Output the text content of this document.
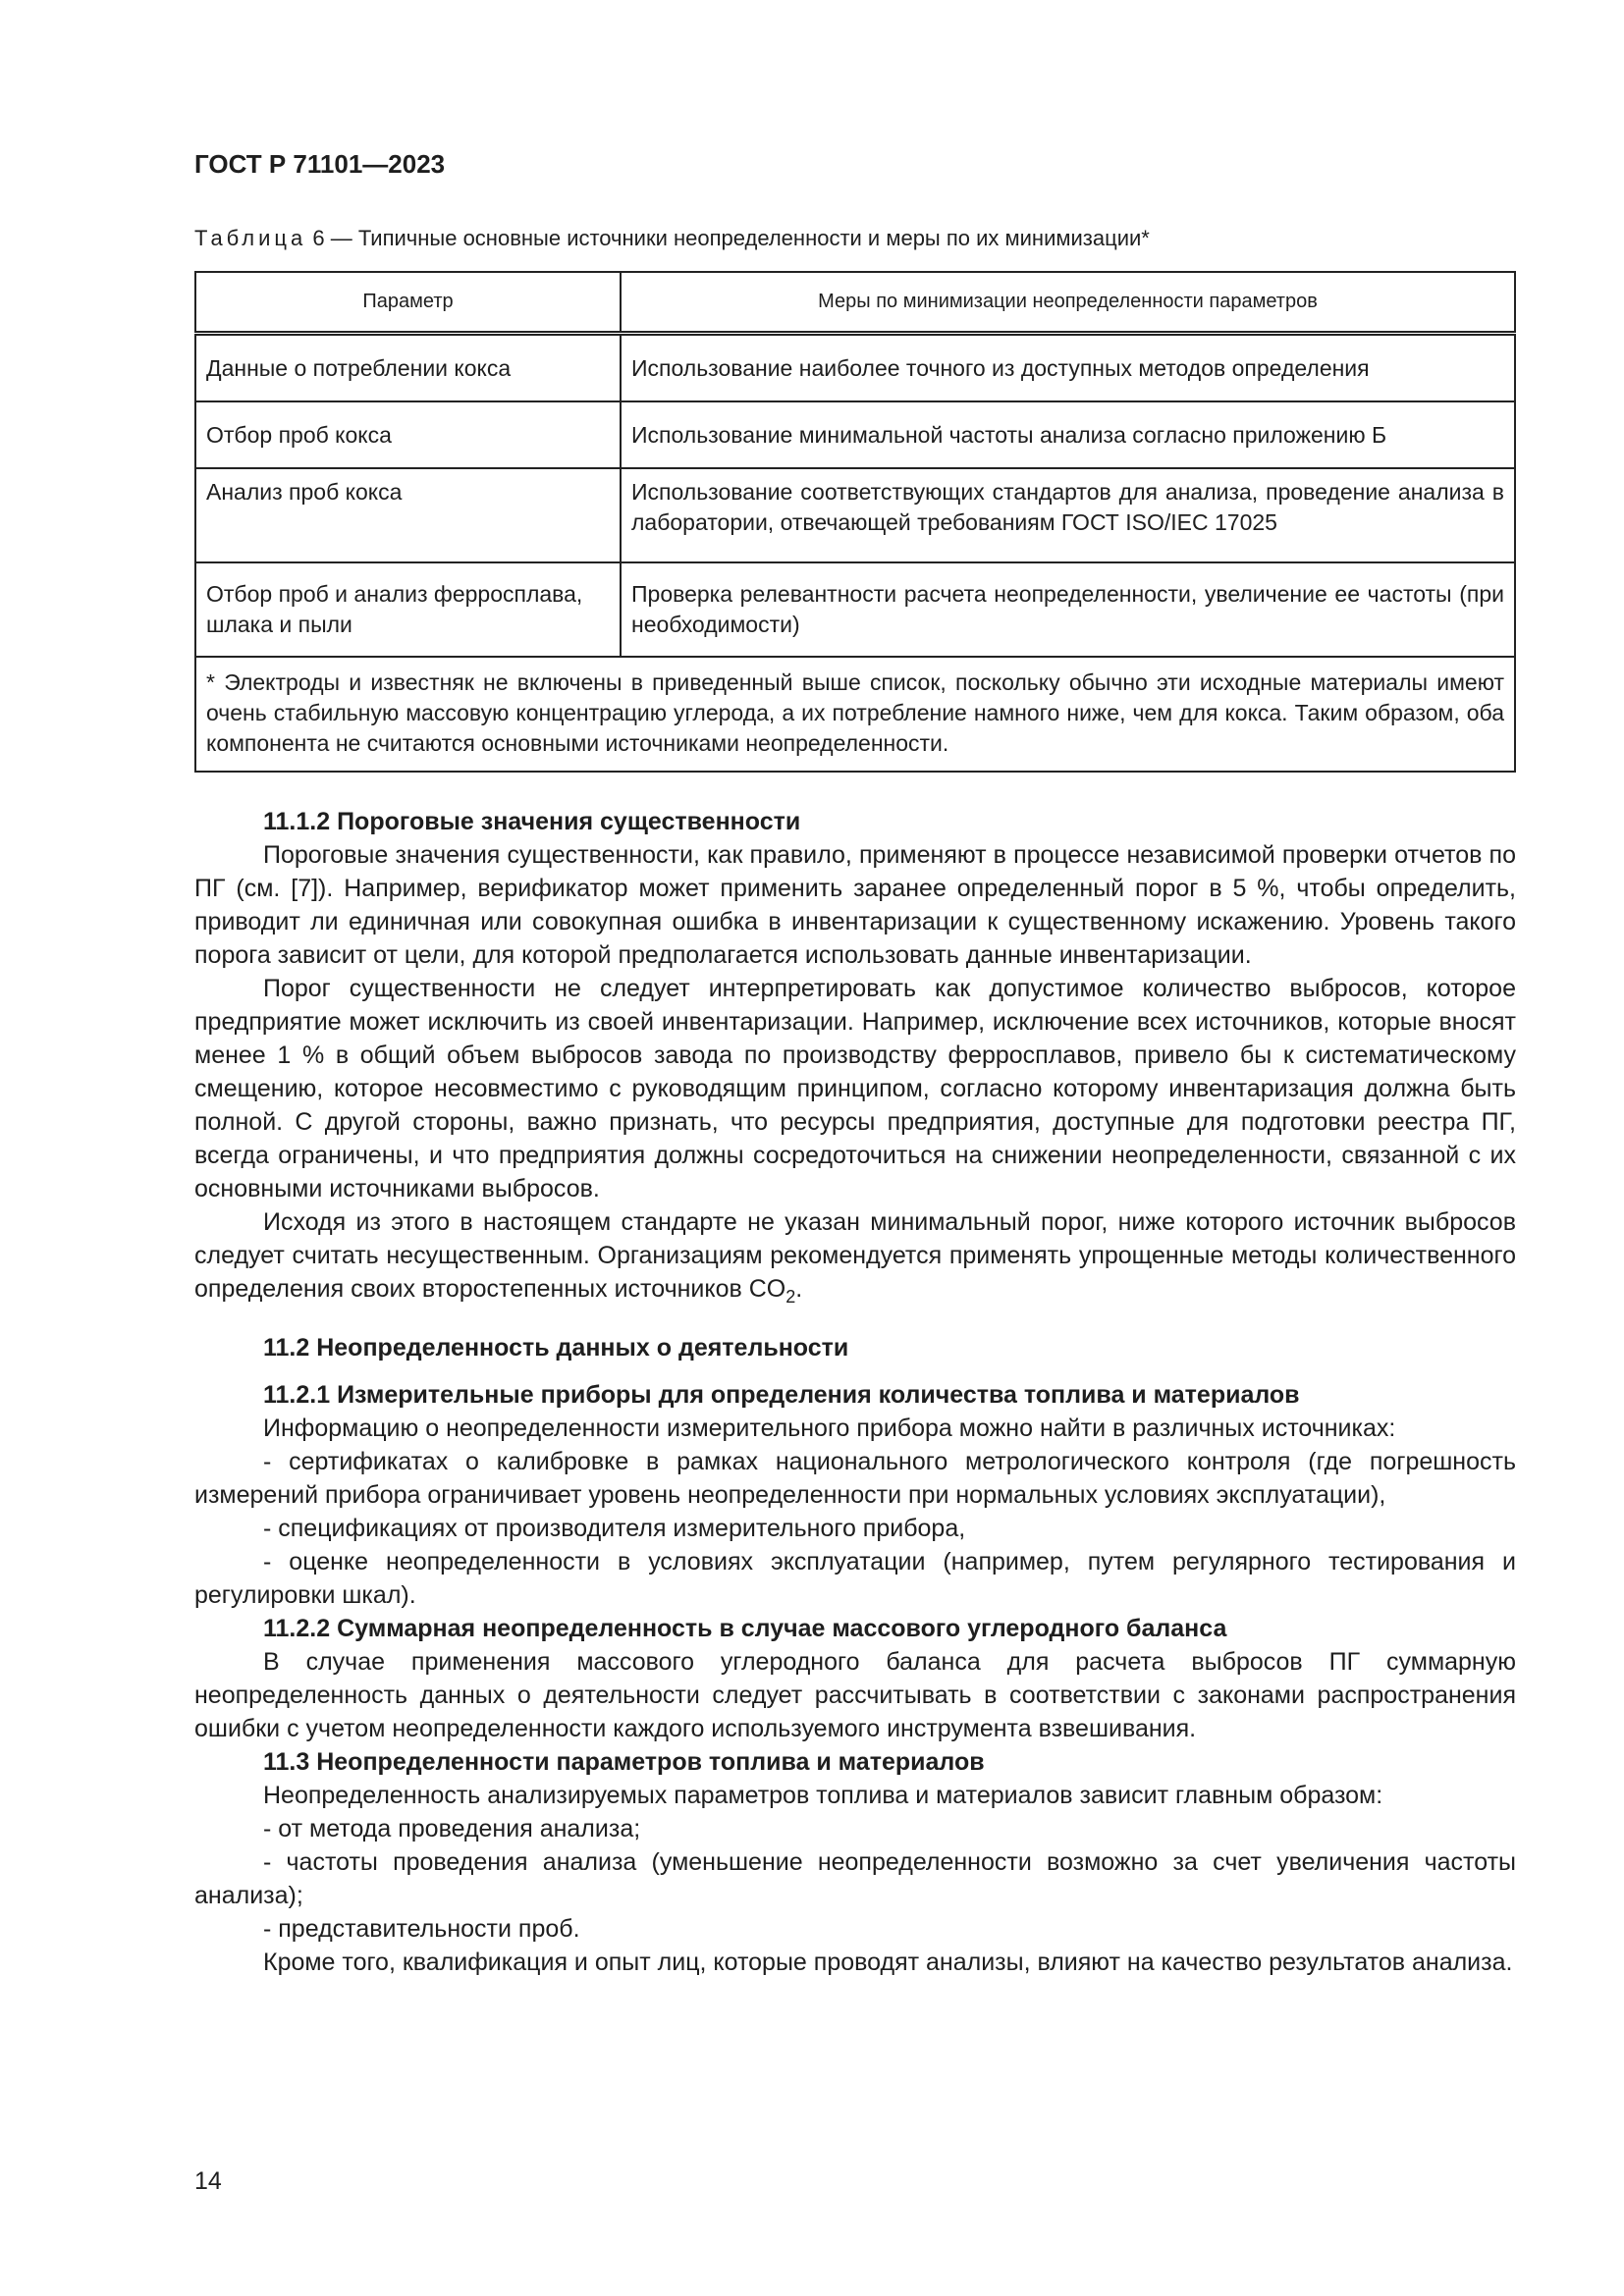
ГОСТ Р 71101—2023
Таблица 6 — Типичные основные источники неопределенности и меры по их минимизации*
Параметр	Меры по минимизации неопределенности параметров
Данные о потреблении кокса	Использование наиболее точного из доступных методов определения
Отбор проб кокса	Использование минимальной частоты анализа согласно приложению Б
Анализ проб кокса	Использование соответствующих стандартов для анализа, проведение анализа в лаборатории, отвечающей требованиям ГОСТ ISO/IEC 17025
Отбор проб и анализ ферросплава, шлака и пыли	Проверка релевантности расчета неопределенности, увеличение ее частоты (при необходимости)
* Электроды и известняк не включены в приведенный выше список, поскольку обычно эти исходные материалы имеют очень стабильную массовую концентрацию углерода, а их потребление намного ниже, чем для кокса. Таким образом, оба компонента не считаются основными источниками неопределенности.	

11.1.2 Пороговые значения существенности

Пороговые значения существенности, как правило, применяют в процессе независимой проверки отчетов по ПГ (см. [7]). Например, верификатор может применить заранее определенный порог в 5 %, чтобы определить, приводит ли единичная или совокупная ошибка в инвентаризации к существенному искажению. Уровень такого порога зависит от цели, для которой предполагается использовать данные инвентаризации.

Порог существенности не следует интерпретировать как допустимое количество выбросов, которое предприятие может исключить из своей инвентаризации. Например, исключение всех источников, которые вносят менее 1 % в общий объем выбросов завода по производству ферросплавов, привело бы к систематическому смещению, которое несовместимо с руководящим принципом, согласно которому инвентаризация должна быть полной. С другой стороны, важно признать, что ресурсы предприятия, доступные для подготовки реестра ПГ, всегда ограничены, и что предприятия должны сосредоточиться на снижении неопределенности, связанной с их основными источниками выбросов.

Исходя из этого в настоящем стандарте не указан минимальный порог, ниже которого источник выбросов следует считать несущественным. Организациям рекомендуется применять упрощенные методы количественного определения своих второстепенных источников $CO_2$.

11.2 Неопределенность данных о деятельности

11.2.1 Измерительные приборы для определения количества топлива и материалов

Информацию о неопределенности измерительного прибора можно найти в различных источниках:

- сертификатах о калибровке в рамках национального метрологического контроля (где погрешность измерений прибора ограничивает уровень неопределенности при нормальных условиях эксплуатации),

- спецификациях от производителя измерительного прибора,

- оценке неопределенности в условиях эксплуатации (например, путем регулярного тестирования и регулировки шкал).

11.2.2 Суммарная неопределенность в случае массового углеродного баланса

В случае применения массового углеродного баланса для расчета выбросов ПГ суммарную неопределенность данных о деятельности следует рассчитывать в соответствии с законами распространения ошибки с учетом неопределенности каждого используемого инструмента взвешивания.

11.3 Неопределенности параметров топлива и материалов

Неопределенность анализируемых параметров топлива и материалов зависит главным образом:

- от метода проведения анализа;

- частоты проведения анализа (уменьшение неопределенности возможно за счет увеличения частоты анализа);

- представительности проб.

Кроме того, квалификация и опыт лиц, которые проводят анализы, влияют на качество результатов анализа.

14
